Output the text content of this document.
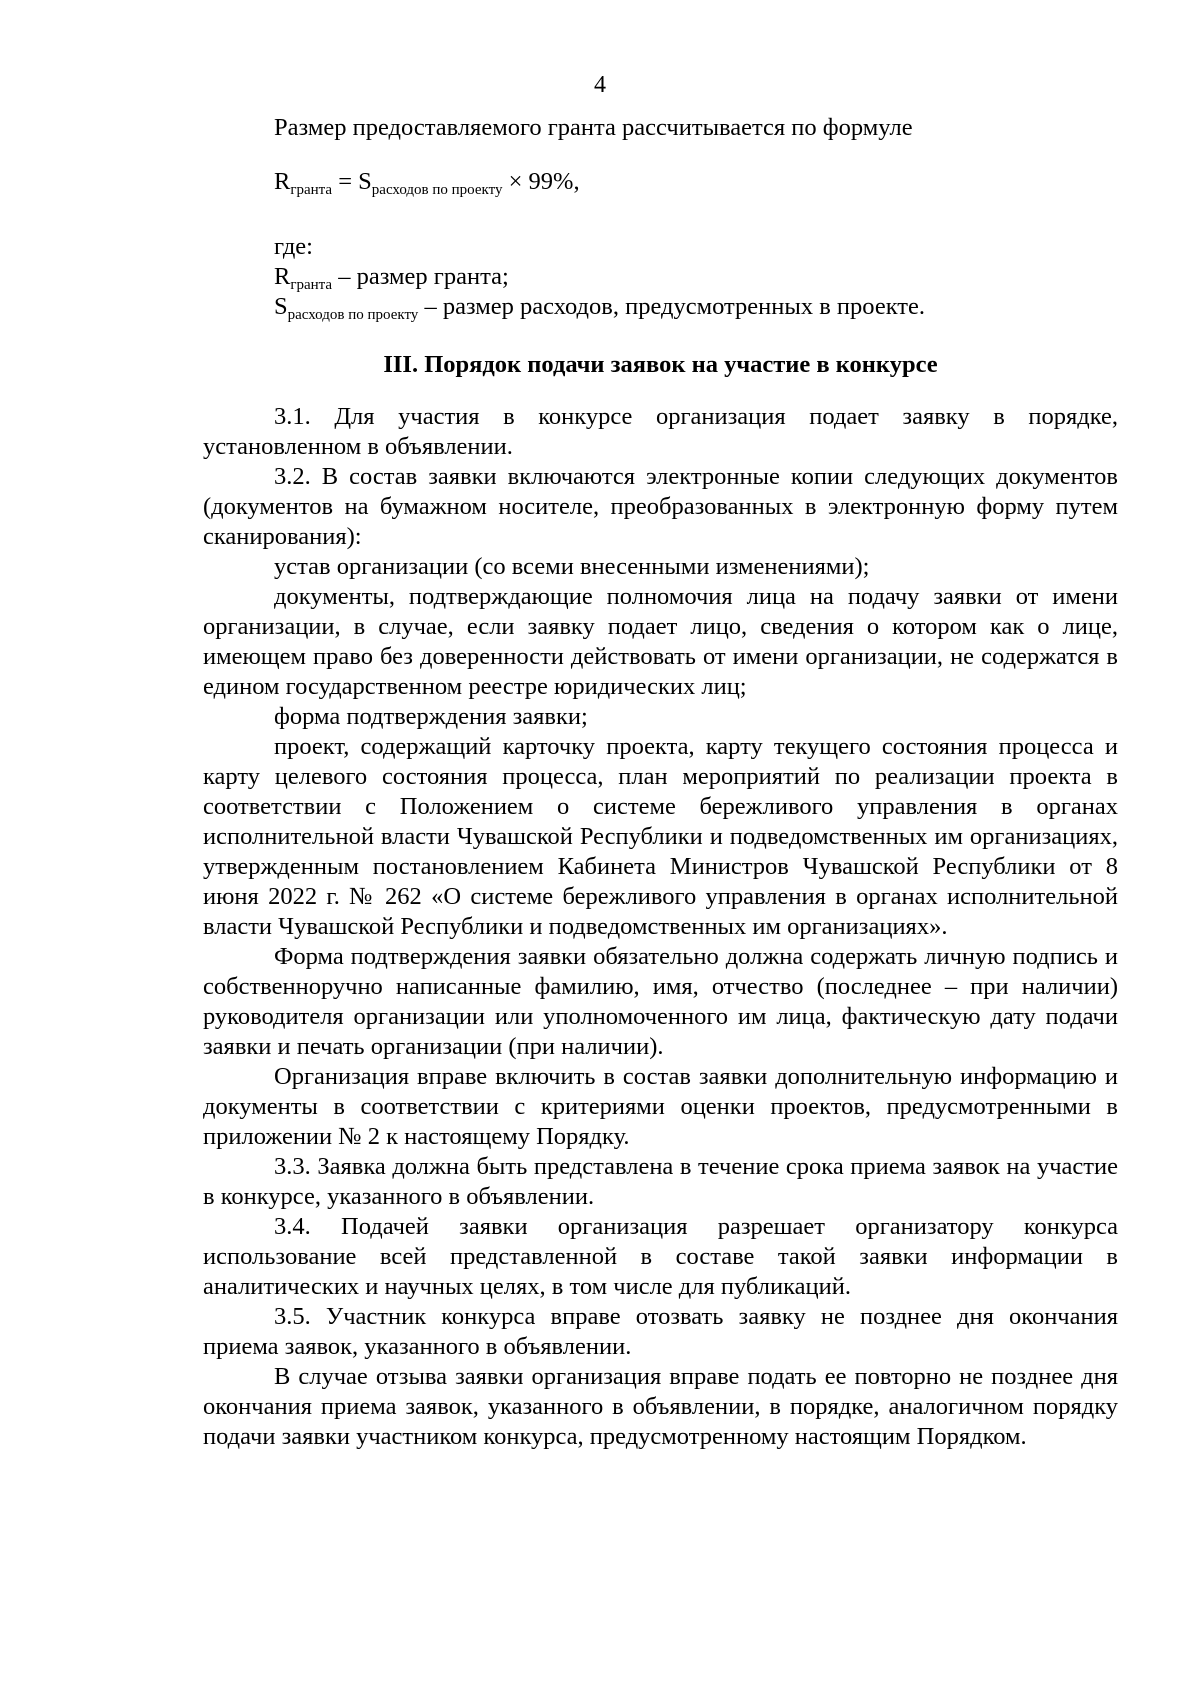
4

Размер предоставляемого гранта рассчитывается по формуле

$R_{гранта} = S_{расходов по проекту} \times 99\%$,

где:

$R_{гранта}$ – размер гранта;

$S_{расходов по проекту}$ – размер расходов, предусмотренных в проекте.

III. Порядок подачи заявок на участие в конкурсе

3.1. Для участия в конкурсе организация подает заявку в порядке, установленном в объявлении.

3.2. В состав заявки включаются электронные копии следующих документов (документов на бумажном носителе, преобразованных в электронную форму путем сканирования):

устав организации (со всеми внесенными изменениями);

документы, подтверждающие полномочия лица на подачу заявки от имени организации, в случае, если заявку подает лицо, сведения о котором как о лице, имеющем право без доверенности действовать от имени организации, не содержатся в едином государственном реестре юридических лиц;

форма подтверждения заявки;

проект, содержащий карточку проекта, карту текущего состояния процесса и карту целевого состояния процесса, план мероприятий по реализации проекта в соответствии с Положением о системе бережливого управления в органах исполнительной власти Чувашской Республики и подведомственных им организациях, утвержденным постановлением Кабинета Министров Чувашской Республики от 8 июня 2022 г. № 262 «О системе бережливого управления в органах исполнительной власти Чувашской Республики и подведомственных им организациях».

Форма подтверждения заявки обязательно должна содержать личную подпись и собственноручно написанные фамилию, имя, отчество (последнее – при наличии) руководителя организации или уполномоченного им лица, фактическую дату подачи заявки и печать организации (при наличии).

Организация вправе включить в состав заявки дополнительную информацию и документы в соответствии с критериями оценки проектов, предусмотренными в приложении № 2 к настоящему Порядку.

3.3. Заявка должна быть представлена в течение срока приема заявок на участие в конкурсе, указанного в объявлении.

3.4. Подачей заявки организация разрешает организатору конкурса использование всей представленной в составе такой заявки информации в аналитических и научных целях, в том числе для публикаций.

3.5. Участник конкурса вправе отозвать заявку не позднее дня окончания приема заявок, указанного в объявлении.

В случае отзыва заявки организация вправе подать ее повторно не позднее дня окончания приема заявок, указанного в объявлении, в порядке, аналогичном порядку подачи заявки участником конкурса, предусмотренному настоящим Порядком.
